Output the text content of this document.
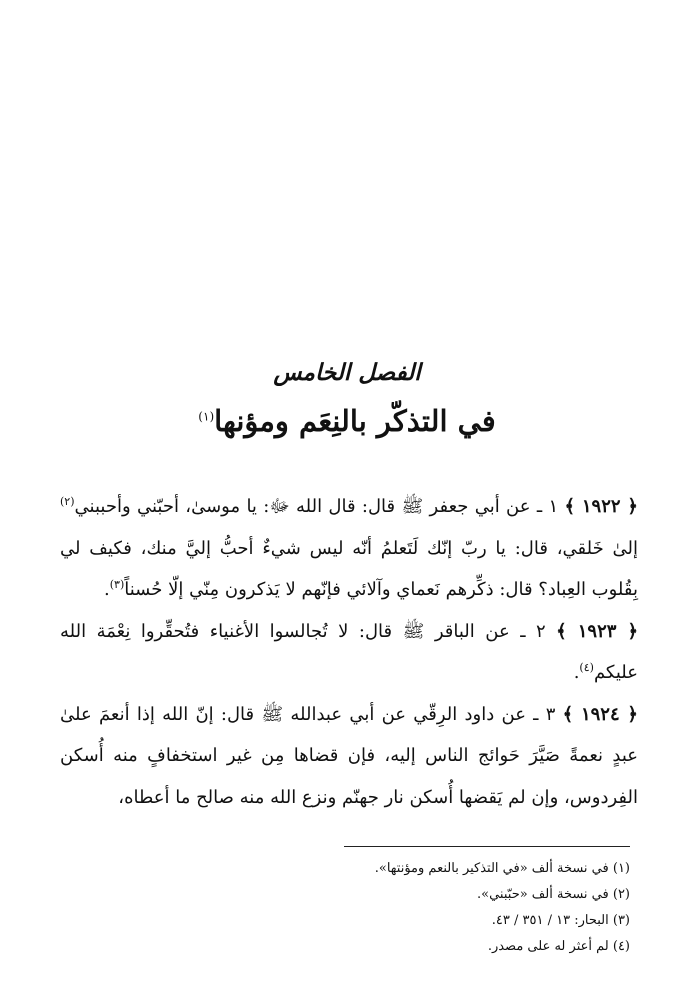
الفصل الخامس
في التذكّر بالنِعَم ومؤنها$^{(١)}$

﴿ ١٩٢٢ ﴾ ١ ـ عن أبي جعفر ﷺ قال: قال الله ﷻ: يا موسىٰ، أحبّني وأحببني$^{(٢)}$ إلىٰ خَلقي، قال: يا ربّ إنّك لَتَعلمُ أنّه ليس شيءٌ أحبُّ إليَّ منك، فكيف لي بِقُلوب العِباد؟ قال: ذكِّرهم نَعماي وآلائي فإنّهم لا يَذكرون مِنّي إلّا حُسناً$^{(٣)}$.

﴿ ١٩٢٣ ﴾ ٢ ـ عن الباقر ﷺ قال: لا تُجالسوا الأغنياء فتُحقِّروا نِعْمَة الله عليكم$^{(٤)}$.

﴿ ١٩٢٤ ﴾ ٣ ـ عن داود الرِقّي عن أبي عبدالله ﷺ قال: إنّ الله إذا أنعمَ علىٰ عبدٍ نعمةً صَيَّرَ حَوائج الناس إليه، فإن قضاها مِن غير استخفافٍ منه أُسكن الفِردوس، وإن لم يَقضها أُسكن نار جهنّم ونزع الله منه صالح ما أعطاه،

(١) في نسخة ألف «في التذكير بالنعم ومؤنتها».

(٢) في نسخة ألف «حبّبني».

(٣) البحار: ١٣ / ٣٥١ / ٤٣.

(٤) لم أعثر له على مصدر.
